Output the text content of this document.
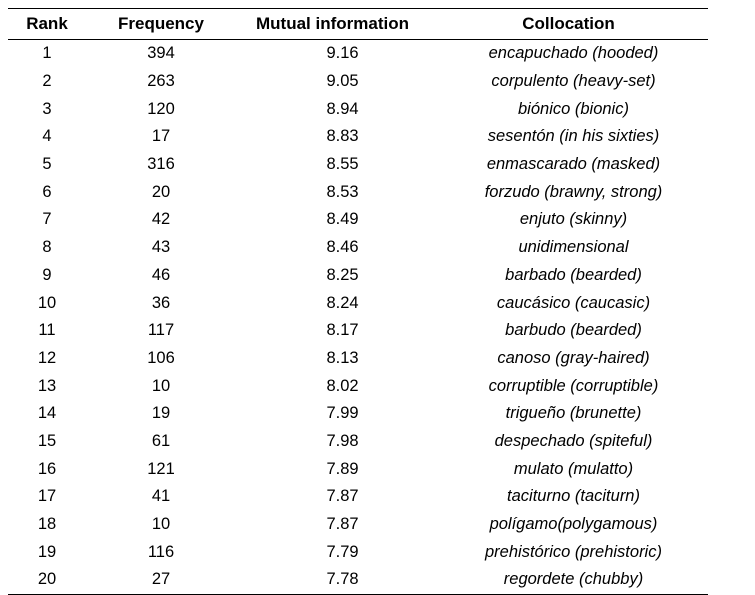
Rank	Frequency	Mutual information	Collocation
1	394	9.16	encapuchado (hooded)
2	263	9.05	corpulento (heavy-set)
3	120	8.94	biónico (bionic)
4	17	8.83	sesentón (in his sixties)
5	316	8.55	enmascarado (masked)
6	20	8.53	forzudo (brawny, strong)
7	42	8.49	enjuto (skinny)
8	43	8.46	unidimensional
9	46	8.25	barbado (bearded)
10	36	8.24	caucásico (caucasic)
11	117	8.17	barbudo (bearded)
12	106	8.13	canoso (gray-haired)
13	10	8.02	corruptible (corruptible)
14	19	7.99	trigueño (brunette)
15	61	7.98	despechado (spiteful)
16	121	7.89	mulato (mulatto)
17	41	7.87	taciturno (taciturn)
18	10	7.87	polígamo(polygamous)
19	116	7.79	prehistórico (prehistoric)
20	27	7.78	regordete (chubby)
